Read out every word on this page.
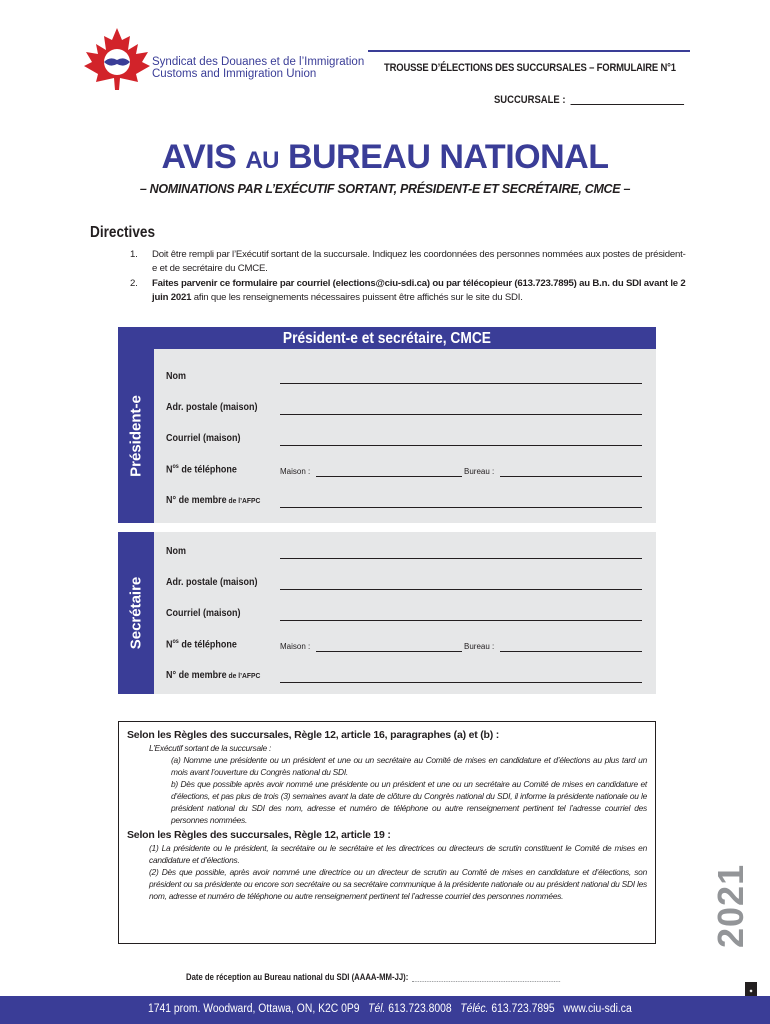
Syndicat des Douanes et de l’Immigration
Customs and Immigration Union	TROUSSE D’ÉLECTIONS DES SUCCURSALES – FORMULAIRE N°1
SUCCURSALE :
AVIS AU BUREAU NATIONAL
– NOMINATIONS PAR L’EXÉCUTIF SORTANT, PRÉSIDENT-E ET SECRÉTAIRE, CMCE –
Directives
1.	Doit être rempli par l’Exécutif sortant de la succursale. Indiquez les coordonnées des personnes nommées aux postes de président-e et de secrétaire du CMCE.
2.	Faites parvenir ce formulaire par courriel (elections@ciu-sdi.ca) ou par télécopieur (613.723.7895) au B.n. du SDI avant le 2 juin 2021 afin que les renseignements nécessaires puissent être affichés sur le site du SDI.
Président-e et secrétaire, CMCE
Président-e
Nom
Adr. postale (maison)
Courriel (maison)
$N^{os}$ de téléphone	Maison :	Bureau :
N° de membre de l’AFPC
Secrétaire
Nom
Adr. postale (maison)
Courriel (maison)
$N^{os}$ de téléphone	Maison :	Bureau :
N° de membre de l’AFPC
Selon les Règles des succursales, Règle 12, article 16, paragraphes (a) et (b) :

L’Exécutif sortant de la succursale :

(a) Nomme une présidente ou un président et une ou un secrétaire au Comité de mises en candidature et d’élections au plus tard un mois avant l’ouverture du Congrès national du SDI.

b) Dès que possible après avoir nommé une présidente ou un président et une ou un secrétaire au Comité de mises en candidature et d’élections, et pas plus de trois (3) semaines avant la date de clôture du Congrès national du SDI, il informe la présidente nationale ou le président national du SDI des nom, adresse et numéro de téléphone ou autre renseignement pertinent tel l’adresse courriel des personnes nommées.

Selon les Règles des succursales, Règle 12, article 19 :

(1) La présidente ou le président, la secrétaire ou le secrétaire et les directrices ou directeurs de scrutin constituent le Comité de mises en candidature et d’élections.

(2) Dès que possible, après avoir nommé une directrice ou un directeur de scrutin au Comité de mises en candidature et d’élections, son président ou sa présidente ou encore son secrétaire ou sa secrétaire communique à la présidente nationale ou au président national du SDI les nom, adresse et numéro de téléphone ou autre renseignement pertinent tel l’adresse courriel des personnes nommées.	2021
Date de réception au Bureau national du SDI (AAAA-MM-JJ):
◆
1741 prom. Woodward, Ottawa, ON, K2C 0P9 Tél. 613.723.8008 Téléc. 613.723.7895 www.ciu-sdi.ca
